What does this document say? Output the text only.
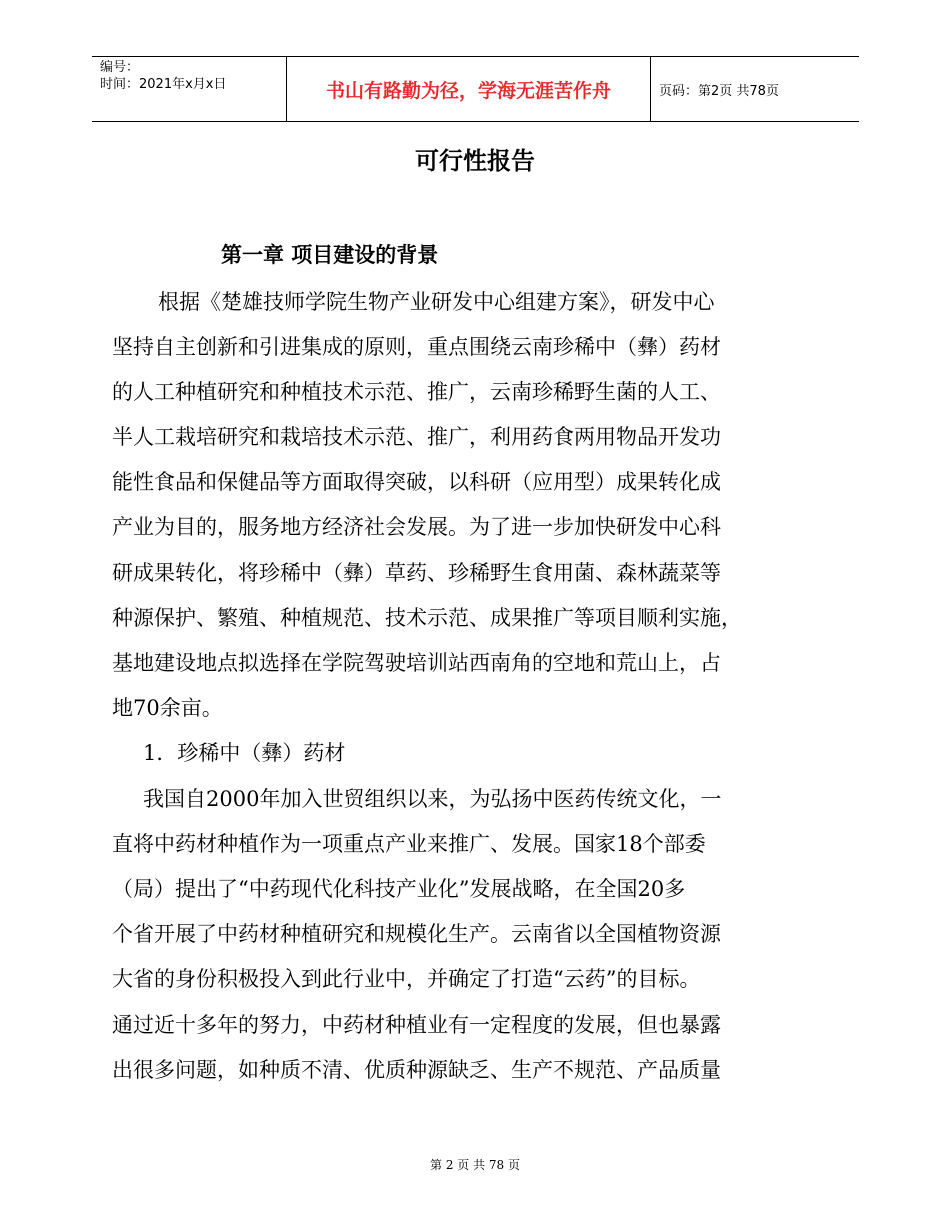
编号：
时间：2021年x月x日	书山有路勤为径，学海无涯苦作舟	页码：第2页 共78页
可行性报告
第一章 项目建设的背景

根据《楚雄技师学院生物产业研发中心组建方案》，研发中心

坚持自主创新和引进集成的原则，重点围绕云南珍稀中（彝）药材

的人工种植研究和种植技术示范、推广，云南珍稀野生菌的人工、

半人工栽培研究和栽培技术示范、推广，利用药食两用物品开发功

能性食品和保健品等方面取得突破，以科研（应用型）成果转化成

产业为目的，服务地方经济社会发展。为了进一步加快研发中心科

研成果转化，将珍稀中（彝）草药、珍稀野生食用菌、森林蔬菜等

种源保护、繁殖、种植规范、技术示范、成果推广等项目顺利实施，

基地建设地点拟选择在学院驾驶培训站西南角的空地和荒山上，占

地70余亩。

1．珍稀中（彝）药材

我国自2000年加入世贸组织以来，为弘扬中医药传统文化，一

直将中药材种植作为一项重点产业来推广、发展。国家18个部委

（局）提出了“中药现代化科技产业化”发展战略，在全国20多

个省开展了中药材种植研究和规模化生产。云南省以全国植物资源

大省的身份积极投入到此行业中，并确定了打造“云药”的目标。

通过近十多年的努力，中药材种植业有一定程度的发展，但也暴露

出很多问题，如种质不清、优质种源缺乏、生产不规范、产品质量

第 2 页 共 78 页
